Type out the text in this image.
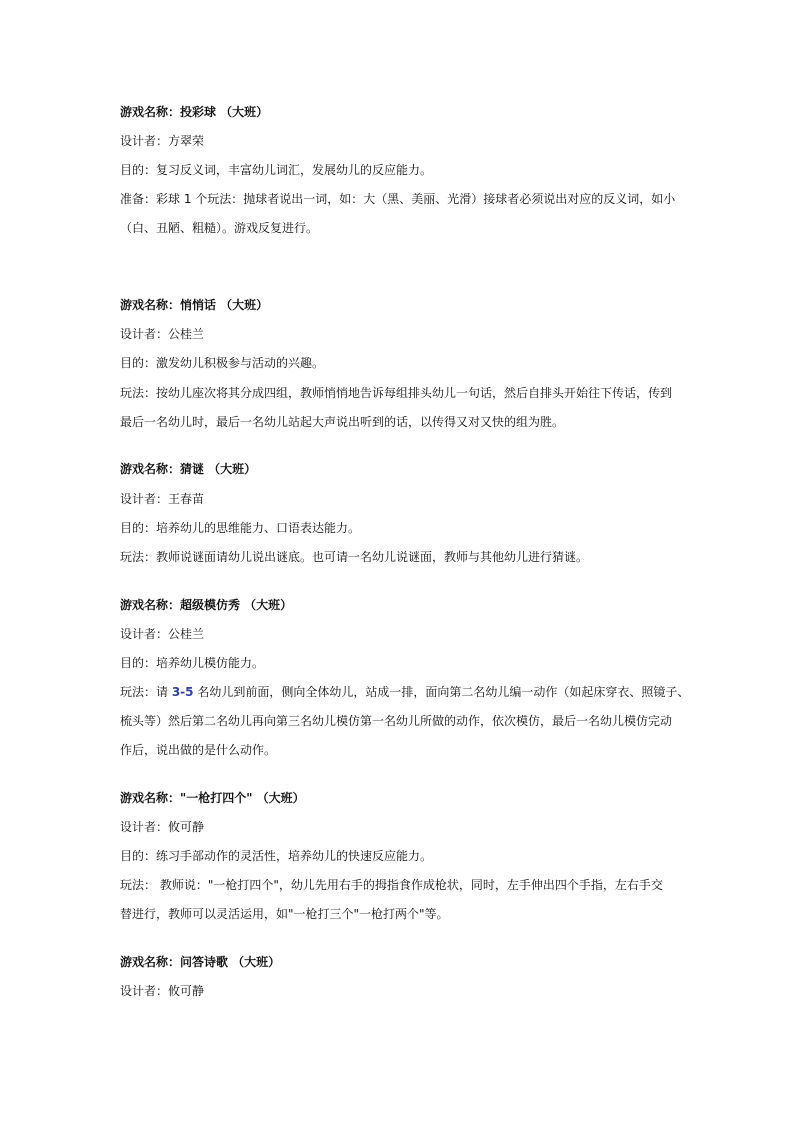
游戏名称：投彩球 （大班）
设计者：方翠荣
目的：复习反义词，丰富幼儿词汇，发展幼儿的反应能力。
准备：彩球 1 个玩法：抛球者说出一词，如：大（黑、美丽、光滑）接球者必须说出对应的反义词，如小
（白、丑陋、粗糙）。游戏反复进行。
游戏名称：悄悄话 （大班）
设计者：公桂兰
目的：激发幼儿积极参与活动的兴趣。
玩法：按幼儿座次将其分成四组，教师悄悄地告诉每组排头幼儿一句话，然后自排头开始往下传话，传到
最后一名幼儿时，最后一名幼儿站起大声说出听到的话，以传得又对又快的组为胜。
游戏名称：猜谜 （大班）
设计者：王春苗
目的：培养幼儿的思维能力、口语表达能力。
玩法：教师说谜面请幼儿说出谜底。也可请一名幼儿说谜面，教师与其他幼儿进行猜谜。
游戏名称：超级模仿秀 （大班）
设计者：公桂兰
目的：培养幼儿模仿能力。
玩法：请 3-5 名幼儿到前面，侧向全体幼儿，站成一排，面向第二名幼儿编一动作（如起床穿衣、照镜子、
梳头等）然后第二名幼儿再向第三名幼儿模仿第一名幼儿所做的动作，依次模仿，最后一名幼儿模仿完动
作后，说出做的是什么动作。
游戏名称："一枪打四个" （大班）
设计者：攸可静
目的：练习手部动作的灵活性，培养幼儿的快速反应能力。
玩法： 教师说："一枪打四个"，幼儿先用右手的拇指食作成枪状，同时，左手伸出四个手指，左右手交
替进行，教师可以灵活运用，如"一枪打三个"一枪打两个"等。
游戏名称：问答诗歌 （大班）
设计者：攸可静
